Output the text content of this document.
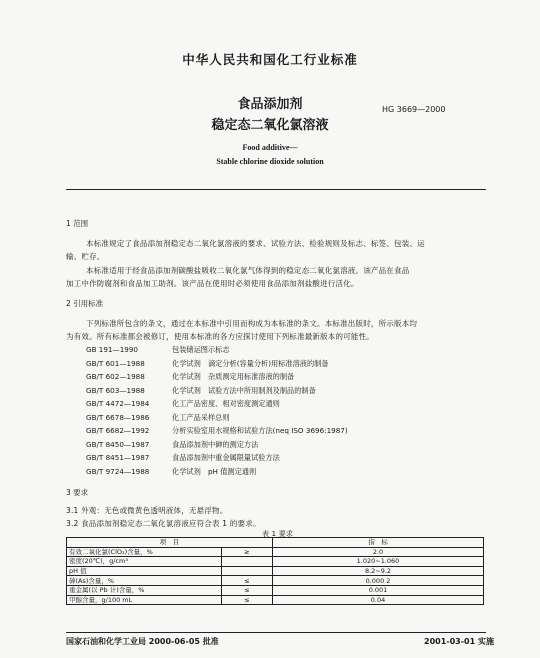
中华人民共和国化工行业标准
食品添加剂
稳定态二氧化氯溶液
HG 3669—2000
Food additive—
Stable chlorine dioxide solution
1 范围
本标准规定了食品添加剂稳定态二氧化氯溶液的要求、试验方法、检验规则及标志、标签、包装、运
输、贮存。
本标准适用于经食品添加剂碳酸盐吸收二氧化氯气体得到的稳定态二氧化氯溶液。该产品在食品
加工中作防腐剂和食品加工助剂。该产品在使用时必须使用食品添加剂盐酸进行活化。
2 引用标准
下列标准所包含的条文，通过在本标准中引用而构成为本标准的条文。本标准出版时，所示版本均
为有效。所有标准都会被修订，使用本标准的各方应探讨使用下列标准最新版本的可能性。
GB 191—1990	包装储运图示标志
GB/T 601—1988	化学试剂　滴定分析(容量分析)用标准溶液的制备
GB/T 602—1988	化学试剂　杂质测定用标准溶液的制备
GB/T 603—1988	化学试剂　试验方法中所用制剂及制品的制备
GB/T 4472—1984	化工产品密度、相对密度测定通则
GB/T 6678—1986	化工产品采样总则
GB/T 6682—1992	分析实验室用水规格和试验方法(neq ISO 3696:1987)
GB/T 8450—1987	食品添加剂中砷的测定方法
GB/T 8451—1987	食品添加剂中重金属限量试验方法
GB/T 9724—1988	化学试剂　pH 值测定通则
3 要求
3.1 外观：无色或微黄色透明液体，无悬浮物。
3.2 食品添加剂稳定态二氧化氯溶液应符合表 1 的要求。
表 1 要求
项　目		指　标
有效二氧化氯(ClO₂)含量，%	≥	2.0
密度(20℃)，g/cm³		1.020~1.060
pH 值		8.2~9.2
砷(As)含量，%	≤	0.000 2
重金属(以 Pb 计)含量，%	≤	0.001
甲醇含量，g/100 mL	≤	0.04
国家石油和化学工业局 2000-06-05 批准	2001-03-01 实施
